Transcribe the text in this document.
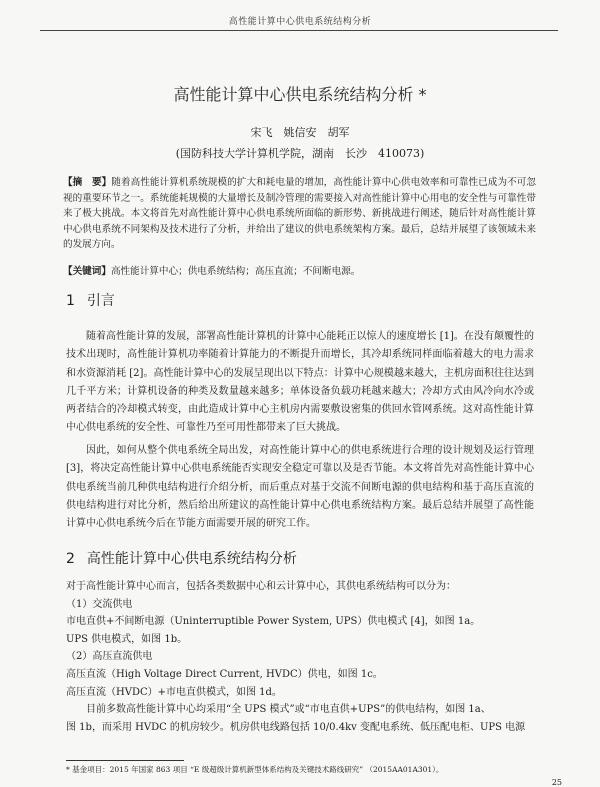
高性能计算中心供电系统结构分析
高性能计算中心供电系统结构分析 *
宋飞　姚信安　胡军
(国防科技大学计算机学院，湖南　长沙　410073)
【摘　要】随着高性能计算机系统规模的扩大和耗电量的增加，高性能计算中心供电效率和可靠性已成为不可忽视的重要环节之一。系统能耗规模的大量增长及制冷管理的需要接入对高性能计算中心用电的安全性与可靠性带来了极大挑战。本文将首先对高性能计算中心供电系统所面临的新形势、新挑战进行阐述，随后针对高性能计算中心供电系统不同架构及技术进行了分析，并给出了建议的供电系统架构方案。最后，总结并展望了该领域未来的发展方向。
【关键词】高性能计算中心；供电系统结构；高压直流；不间断电源。
1 引言
随着高性能计算的发展，部署高性能计算机的计算中心能耗正以惊人的速度增长 [1]。在没有颠覆性的技术出现时，高性能计算机功率随着计算能力的不断提升而增长，其冷却系统同样面临着越大的电力需求和水资源消耗 [2]。高性能计算中心的发展呈现出以下特点：计算中心规模越来越大，主机房面积往往达到几千平方米；计算机设备的种类及数量越来越多；单体设备负载功耗越来越大；冷却方式由风冷向水冷或两者结合的冷却模式转变，由此造成计算中心主机房内需要敷设密集的供回水管网系统。这对高性能计算中心供电系统的安全性、可靠性乃至可用性都带来了巨大挑战。
因此，如何从整个供电系统全局出发，对高性能计算中心的供电系统进行合理的设计规划及运行管理 [3]，将决定高性能计算中心供电系统能否实现安全稳定可靠以及是否节能。本文将首先对高性能计算中心供电系统当前几种供电结构进行介绍分析，而后重点对基于交流不间断电源的供电结构和基于高压直流的供电结构进行对比分析，然后给出所建议的高性能计算中心供电系统结构方案。最后总结并展望了高性能计算中心供电系统今后在节能方面需要开展的研究工作。
2 高性能计算中心供电系统结构分析
对于高性能计算中心而言，包括各类数据中心和云计算中心，其供电系统结构可以分为：
（1）交流供电
市电直供+不间断电源（Uninterruptible Power System, UPS）供电模式 [4]，如图 1a。
UPS 供电模式，如图 1b。
（2）高压直流供电
高压直流（High Voltage Direct Current, HVDC）供电，如图 1c。
高压直流（HVDC）+市电直供模式，如图 1d。
目前多数高性能计算中心均采用“全 UPS 模式”或“市电直供+UPS”的供电结构，如图 1a、
图 1b，而采用 HVDC 的机房较少。机房供电线路包括 10/0.4kv 变配电系统、低压配电柜、UPS 电源
* 基金项目：2015 年国家 863 项目 “E 级超级计算机新型体系结构及关键技术路线研究” （2015AA01A301）。
25
